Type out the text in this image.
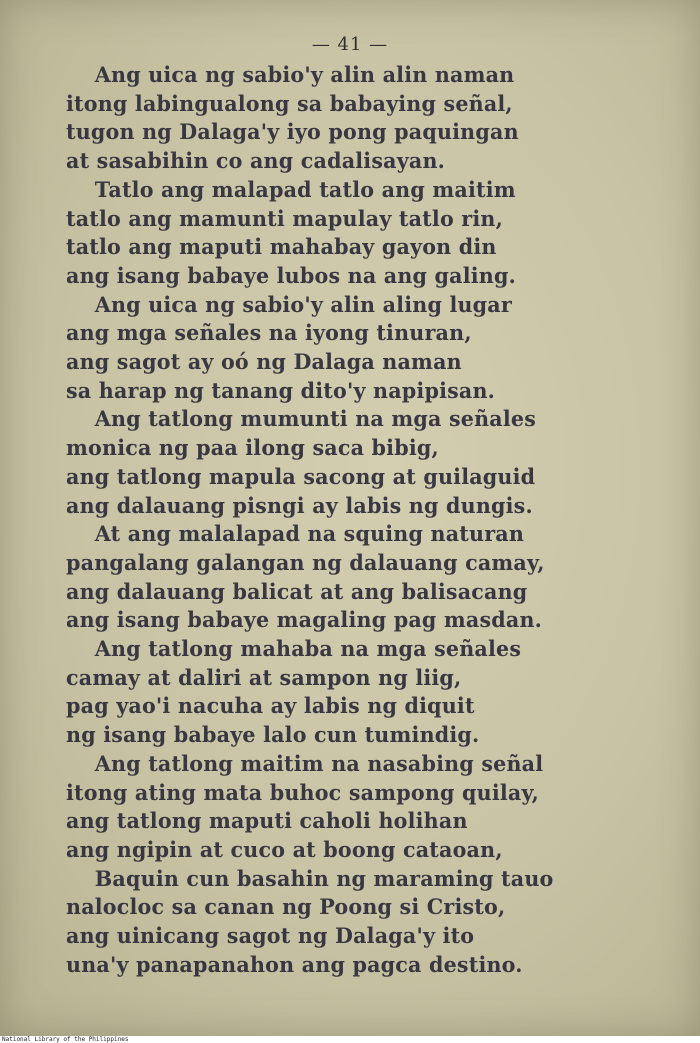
— 41 —
Ang uica ng sabio'y alin alin naman
itong labingualong sa babaying señal,
tugon ng Dalaga'y iyo pong paquingan
at sasabihin co ang cadalisayan.
Tatlo ang malapad tatlo ang maitim
tatlo ang mamunti mapulay tatlo rin,
tatlo ang maputi mahabay gayon din
ang isang babaye lubos na ang galing.
Ang uica ng sabio'y alin aling lugar
ang mga señales na iyong tinuran,
ang sagot ay oó ng Dalaga naman
sa harap ng tanang dito'y napipisan.
Ang tatlong mumunti na mga señales
monica ng paa ilong saca bibig,
ang tatlong mapula sacong at guilaguid
ang dalauang pisngi ay labis ng dungis.
At ang malalapad na squing naturan
pangalang galangan ng dalauang camay,
ang dalauang balicat at ang balisacang
ang isang babaye magaling pag masdan.
Ang tatlong mahaba na mga señales
camay at daliri at sampon ng liig,
pag yao'i nacuha ay labis ng diquit
ng isang babaye lalo cun tumindig.
Ang tatlong maitim na nasabing señal
itong ating mata buhoc sampong quilay,
ang tatlong maputi caholi holihan
ang ngipin at cuco at boong cataoan,
Baquin cun basahin ng maraming tauo
nalocloc sa canan ng Poong si Cristo,
ang uinicang sagot ng Dalaga'y ito
una'y panapanahon ang pagca destino.
National Library of the Philippines
